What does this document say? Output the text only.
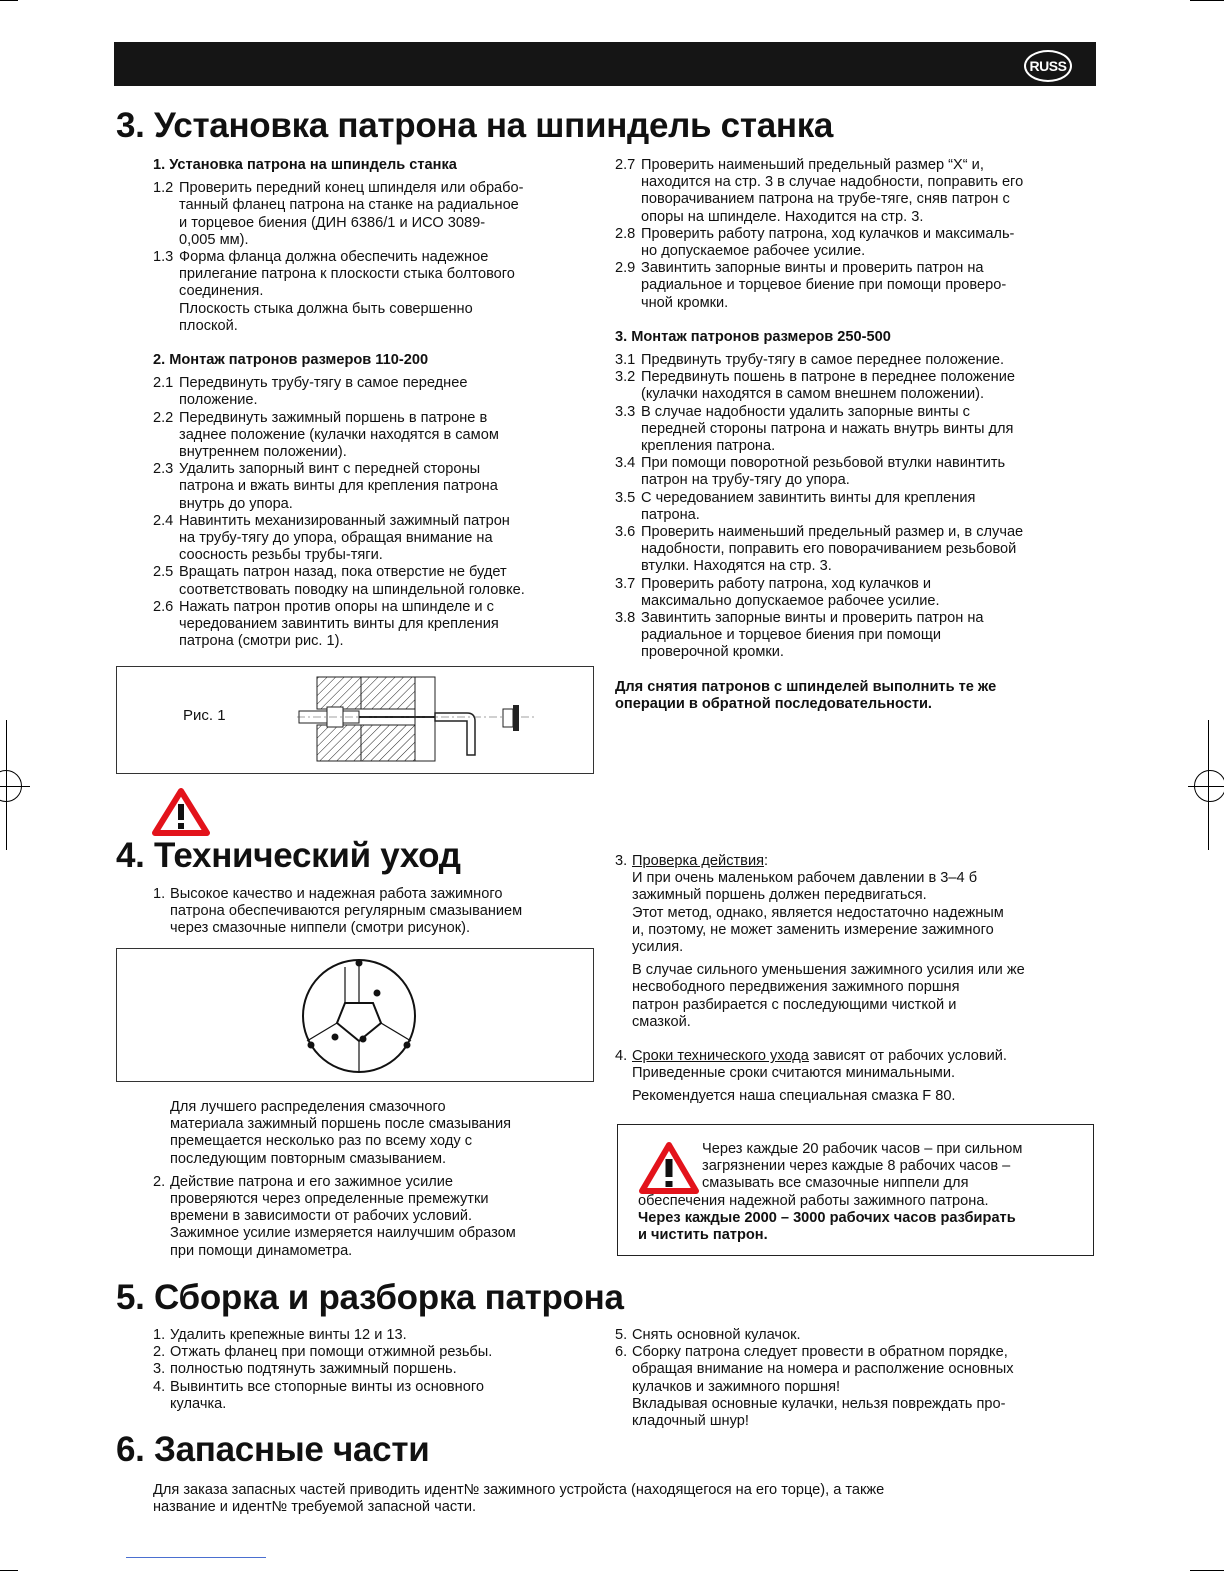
RUSS
3. Установка патрона на шпиндель станка

1. Установка патрона на шпиндель станка

1.2 Проверить передний конец шпинделя или обрабо-

танный фланец патрона на станке на радиальное

и торцевое биения (ДИН 6386/1 и ИСО 3089-

0,005 мм).

1.3 Форма фланца должна обеспечить надежное

прилегание патрона к плоскости стыка болтового

соединения.

Плоскость стыка должна быть совершенно

плоской.

2. Монтаж патронов размеров 110-200

2.1 Передвинуть трубу-тягу в самое переднее

положение.

2.2 Передвинуть зажимный поршень в патроне в

заднее положение (кулачки находятся в самом

внутреннем положении).

2.3 Удалить запорный винт с передней стороны

патрона и вжать винты для крепления патрона

внутрь до упора.

2.4 Навинтить механизированный зажимный патрон

на трубу-тягу до упора, обращая внимание на

соосность резьбы трубы-тяги.

2.5 Вращать патрон назад, пока отверстие не будет

соответствовать поводку на шпиндельной головке.

2.6 Нажать патрон против опоры на шпинделе и с

чередованием завинтить винты для крепления

патрона (смотри рис. 1).

Рис. 1

2.7 Проверить наименьший предельный размер “X“ и,

находится на стр. 3 в случае надобности, поправить его

поворачиванием патрона на трубе-тяге, сняв патрон с

опоры на шпинделе. Находится на стр. 3.

2.8 Проверить работу патрона, ход кулачков и максималь-

но допускаемое рабочее усилие.

2.9 Завинтить запорные винты и проверить патрон на

радиальное и торцевое биение при помощи проверо-

чной кромки.

3. Монтаж патронов размеров 250-500

3.1 Предвинуть трубу-тягу в самое переднее положение.

3.2 Передвинуть пошень в патроне в переднее положение

(кулачки находятся в самом внешнем положении).

3.3 В случае надобности удалить запорные винты с

передней стороны патрона и нажать внутрь винты для

крепления патрона.

3.4 При помощи поворотной резьбовой втулки навинтить

патрон на трубу-тягу до упора.

3.5 С чередованием завинтить винты для крепления

патрона.

3.6 Проверить наименьший предельный размер и, в случае

надобности, поправить его поворачиванием резьбовой

втулки. Находятся на стр. 3.

3.7 Проверить работу патрона, ход кулачков и

максимально допускаемое рабочее усилие.

3.8 Завинтить запорные винты и проверить патрон на

радиальное и торцевое биения при помощи

проверочной кромки.

Для снятия патронов с шпинделей выполнить те же

операции в обратной последовательности.

4. Технический уход

1. Высокое качество и надежная работа зажимного

патрона обеспечиваются регулярным смазыванием

через смазочные ниппели (смотри рисунок).

Для лучшего распределения смазочного

материала зажимный поршень после смазывания

премещается несколько раз по всему ходу с

последующим повторным смазыванием.

2. Действие патрона и его зажимное усилие

проверяются через определенные премежутки

времени в зависимости от рабочих условий.

Зажимное усилие измеряется наилучшим образом

при помощи динамометра.

3. Проверка действия:

И при очень маленьком рабочем давлении в 3–4 б

зажимный поршень должен передвигаться.

Этот метод, однако, является недостаточно надежным

и, поэтому, не может заменить измерение зажимного

усилия.

В случае сильного уменьшения зажимного усилия или же

несвободного передвижения зажимного поршня

патрон разбирается с последующими чисткой и

смазкой.

4. Сроки технического ухода зависят от рабочих условий.

Приведенные сроки считаются минимальными.

Рекомендуется наша специальная смазка F 80.

Через каждые 20 рабочик часов – при сильном

загрязнении через каждые 8 рабочих часов –

смазывать все смазочные ниппели для

обеспечения надежной работы зажимного патрона.

Через каждые 2000 – 3000 рабочих часов разбирать

и чистить патрон.

5. Сборка и разборка патрона

1. Удалить крепежные винты 12 и 13.

2. Отжать фланец при помощи отжимной резьбы.

3. полностью подтянуть зажимный поршень.

4. Вывинтить все стопорные винты из основного

кулачка.

5. Снять основной кулачок.

6. Сборку патрона следует провести в обратном порядке,

обращая внимание на номера и располжение основных

кулачков и зажимного поршня!

Вкладывая основные кулачки, нельзя повреждать про-

кладочный шнур!

6. Запасные части

Для заказа запасных частей приводить идент№ зажимного устройста (находящегося на его торце), а также

название и идент№ требуемой запасной части.
